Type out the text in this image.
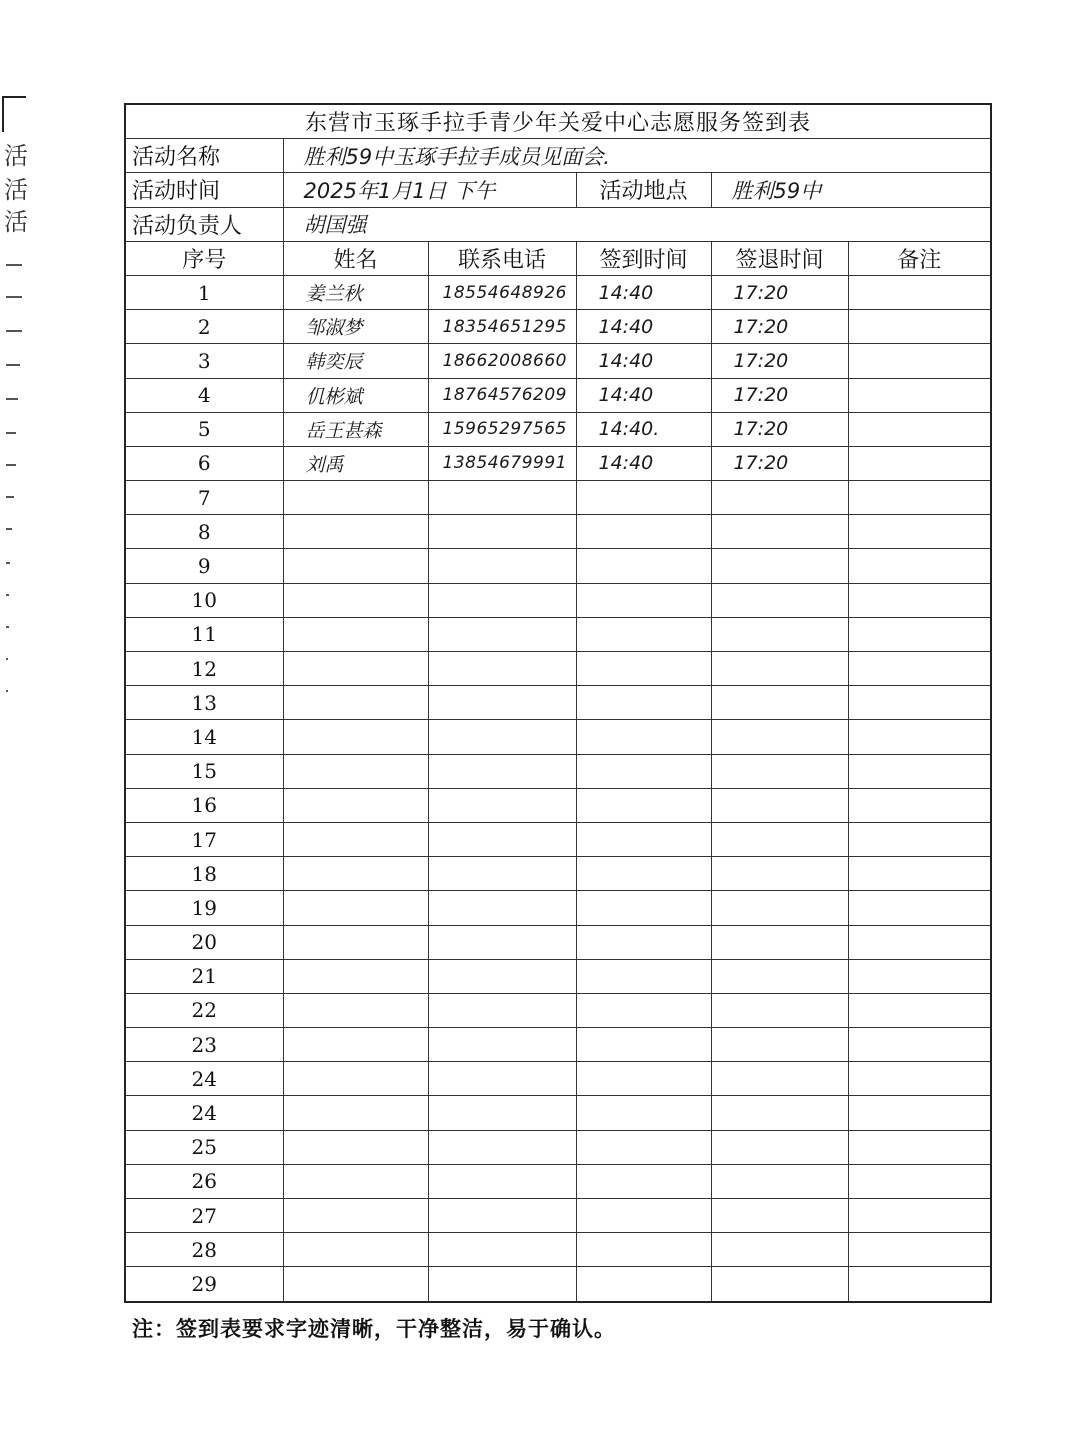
活
活
活
东营市玉琢手拉手青少年关爱中心志愿服务签到表					
活动名称	胜利59中玉琢手拉手成员见面会.				
活动时间	2025年1月1日 下午		活动地点	胜利59中	
活动负责人	胡国强				
序号	姓名	联系电话	签到时间	签退时间	备注
1	姜兰秋	18554648926	14:40	17:20	
2	邹淑梦	18354651295	14:40	17:20	
3	韩奕辰	18662008660	14:40	17:20	
4	仉彬斌	18764576209	14:40	17:20	
5	岳王甚森	15965297565	14:40.	17:20	
6	刘禹	13854679991	14:40	17:20	
7					
8					
9					
10					
11					
12					
13					
14					
15					
16					
17					
18					
19					
20					
21					
22					
23					
24					
24					
25					
26					
27					
28					
29					
注：签到表要求字迹清晰，干净整洁，易于确认。
